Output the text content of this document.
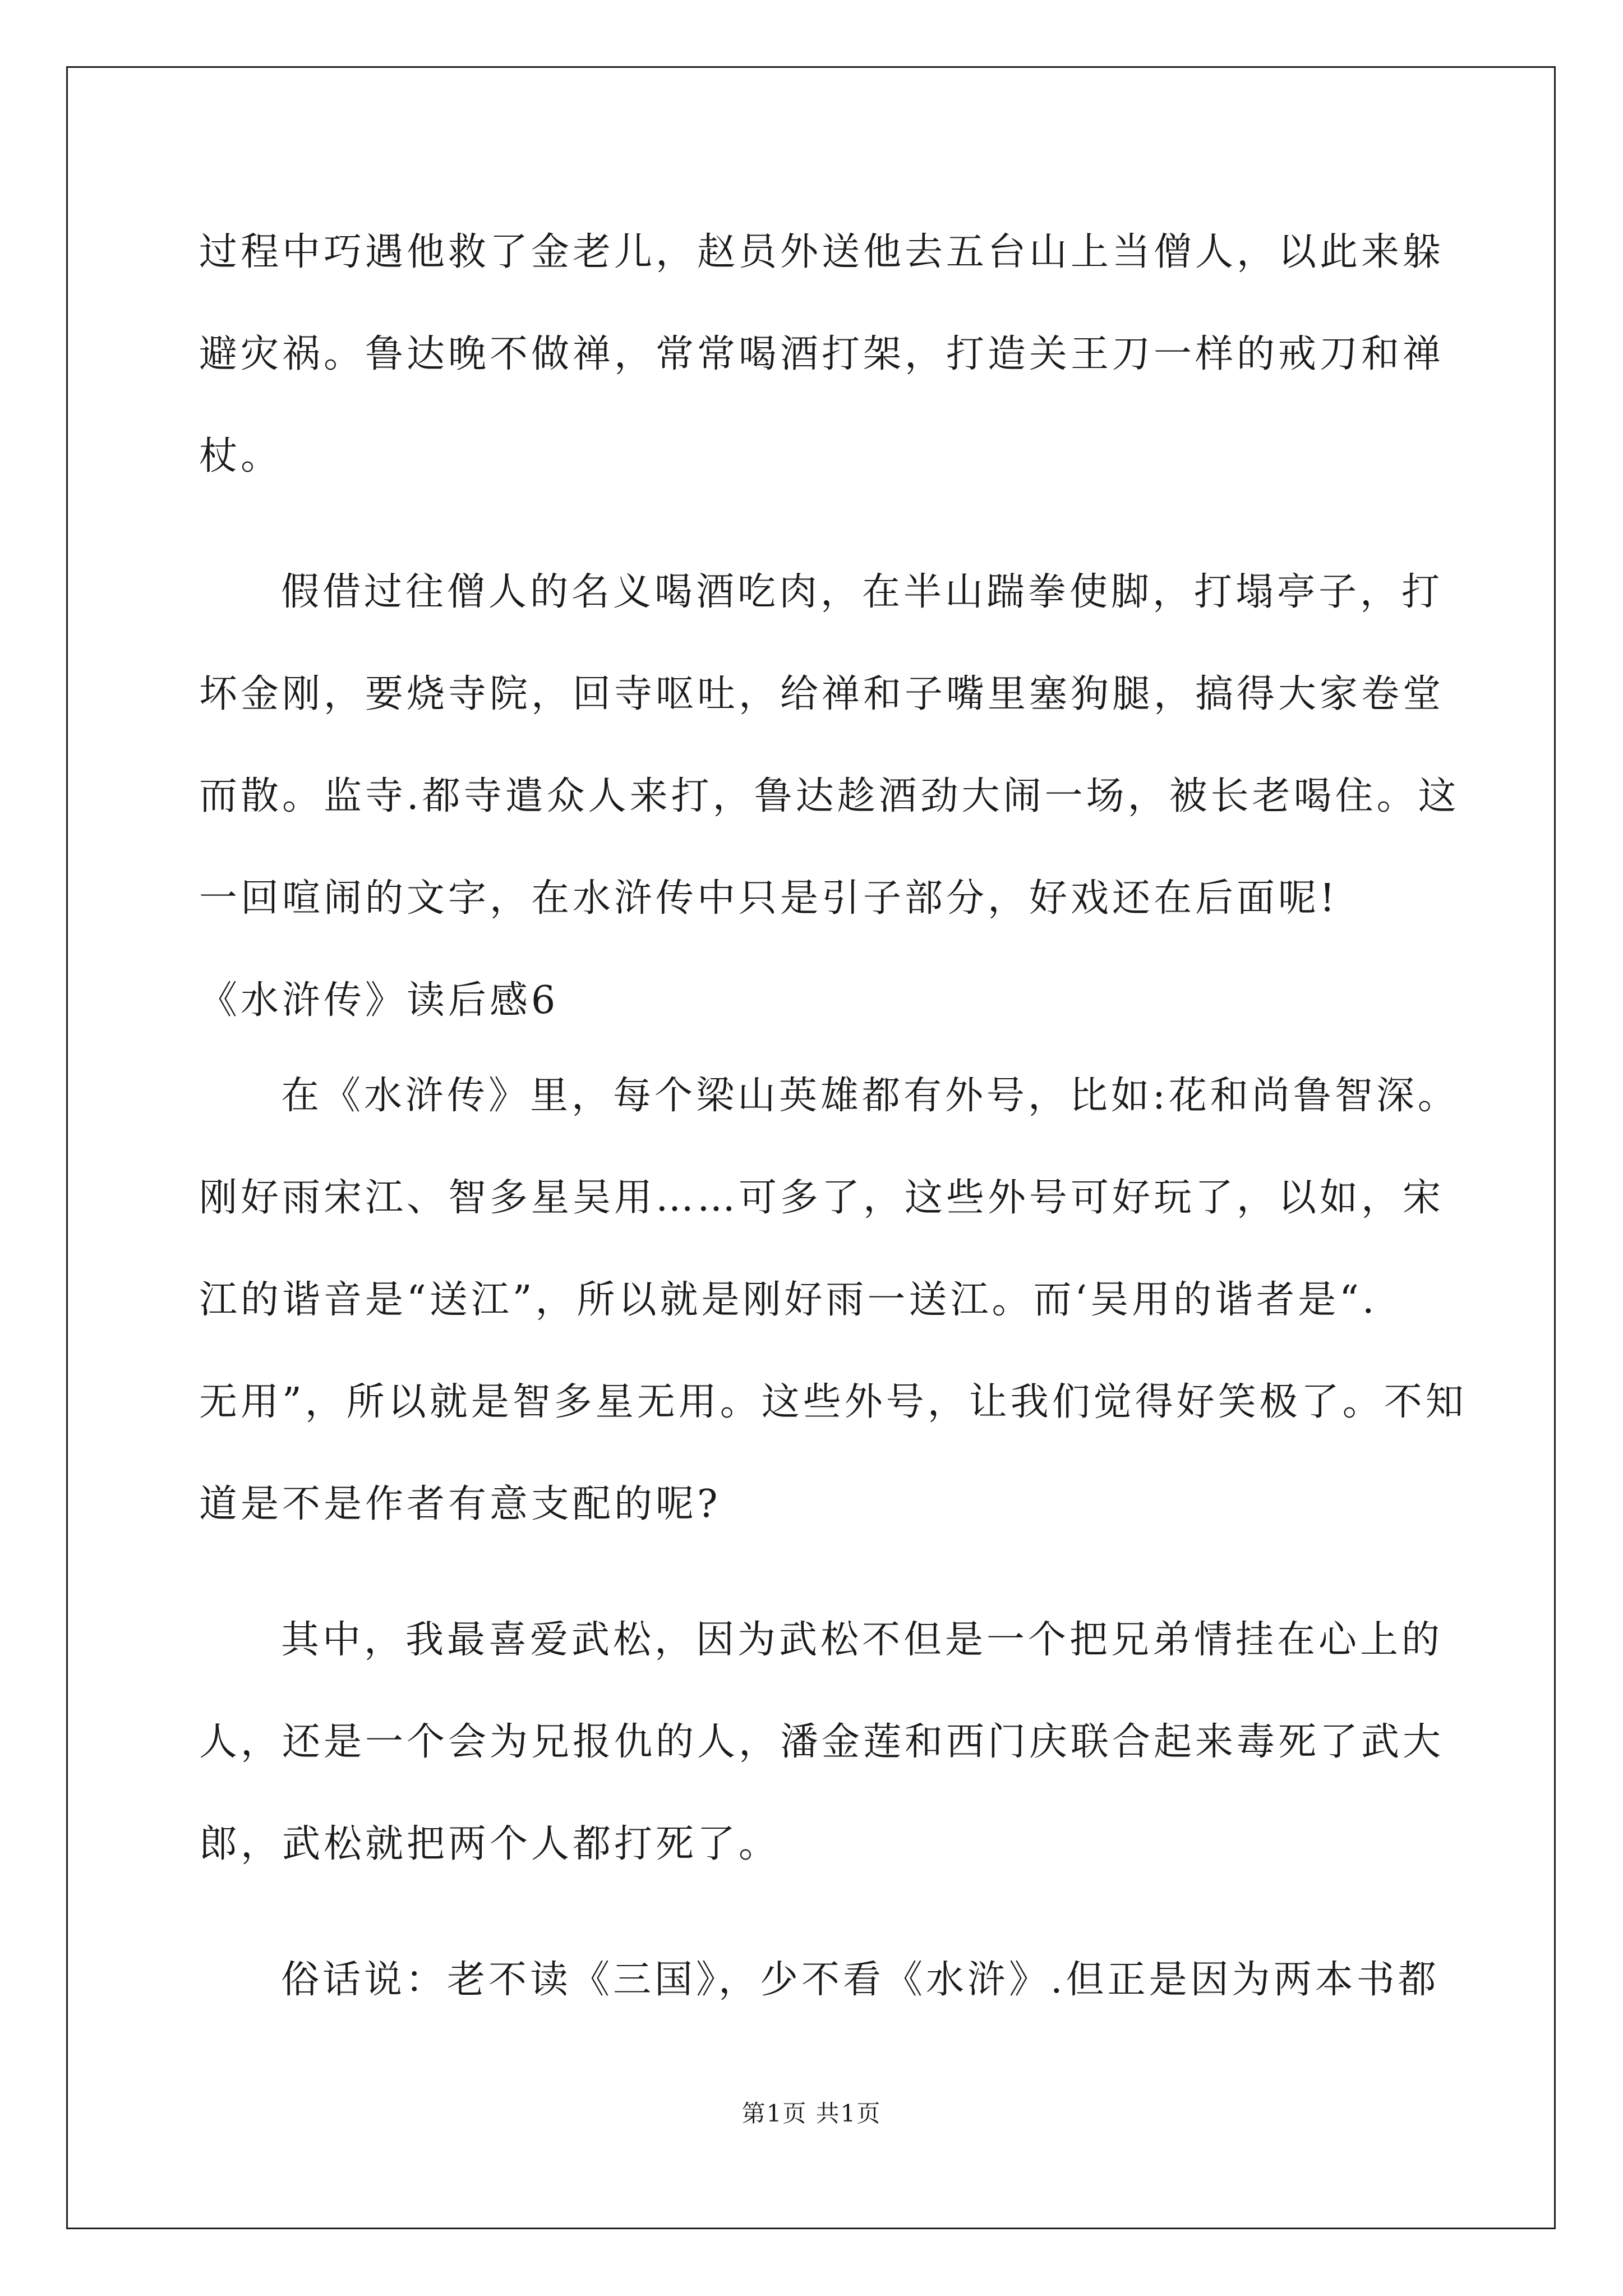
过程中巧遇他救了金老儿，赵员外送他去五台山上当僧人，以此来躲
避灾祸。鲁达晚不做禅，常常喝酒打架，打造关王刀一样的戒刀和禅
杖。
假借过往僧人的名义喝酒吃肉，在半山踹拳使脚，打塌亭子，打
坏金刚，要烧寺院，回寺呕吐，给禅和子嘴里塞狗腿，搞得大家卷堂
而散。监寺.都寺遣众人来打，鲁达趁酒劲大闹一场，被长老喝住。这
一回喧闹的文字，在水浒传中只是引子部分，好戏还在后面呢!
《水浒传》读后感6
在《水浒传》里，每个梁山英雄都有外号，比如:花和尚鲁智深。
刚好雨宋江、智多星吴用……可多了，这些外号可好玩了，以如，宋
江的谐音是“送江”，所以就是刚好雨一送江。而‘吴用的谐者是“.
无用”，所以就是智多星无用。这些外号，让我们觉得好笑极了。不知
道是不是作者有意支配的呢?
其中，我最喜爱武松，因为武松不但是一个把兄弟情挂在心上的
人，还是一个会为兄报仇的人，潘金莲和西门庆联合起来毒死了武大
郎，武松就把两个人都打死了。
俗话说：老不读《三国》，少不看《水浒》.但正是因为两本书都
第1页 共1页
